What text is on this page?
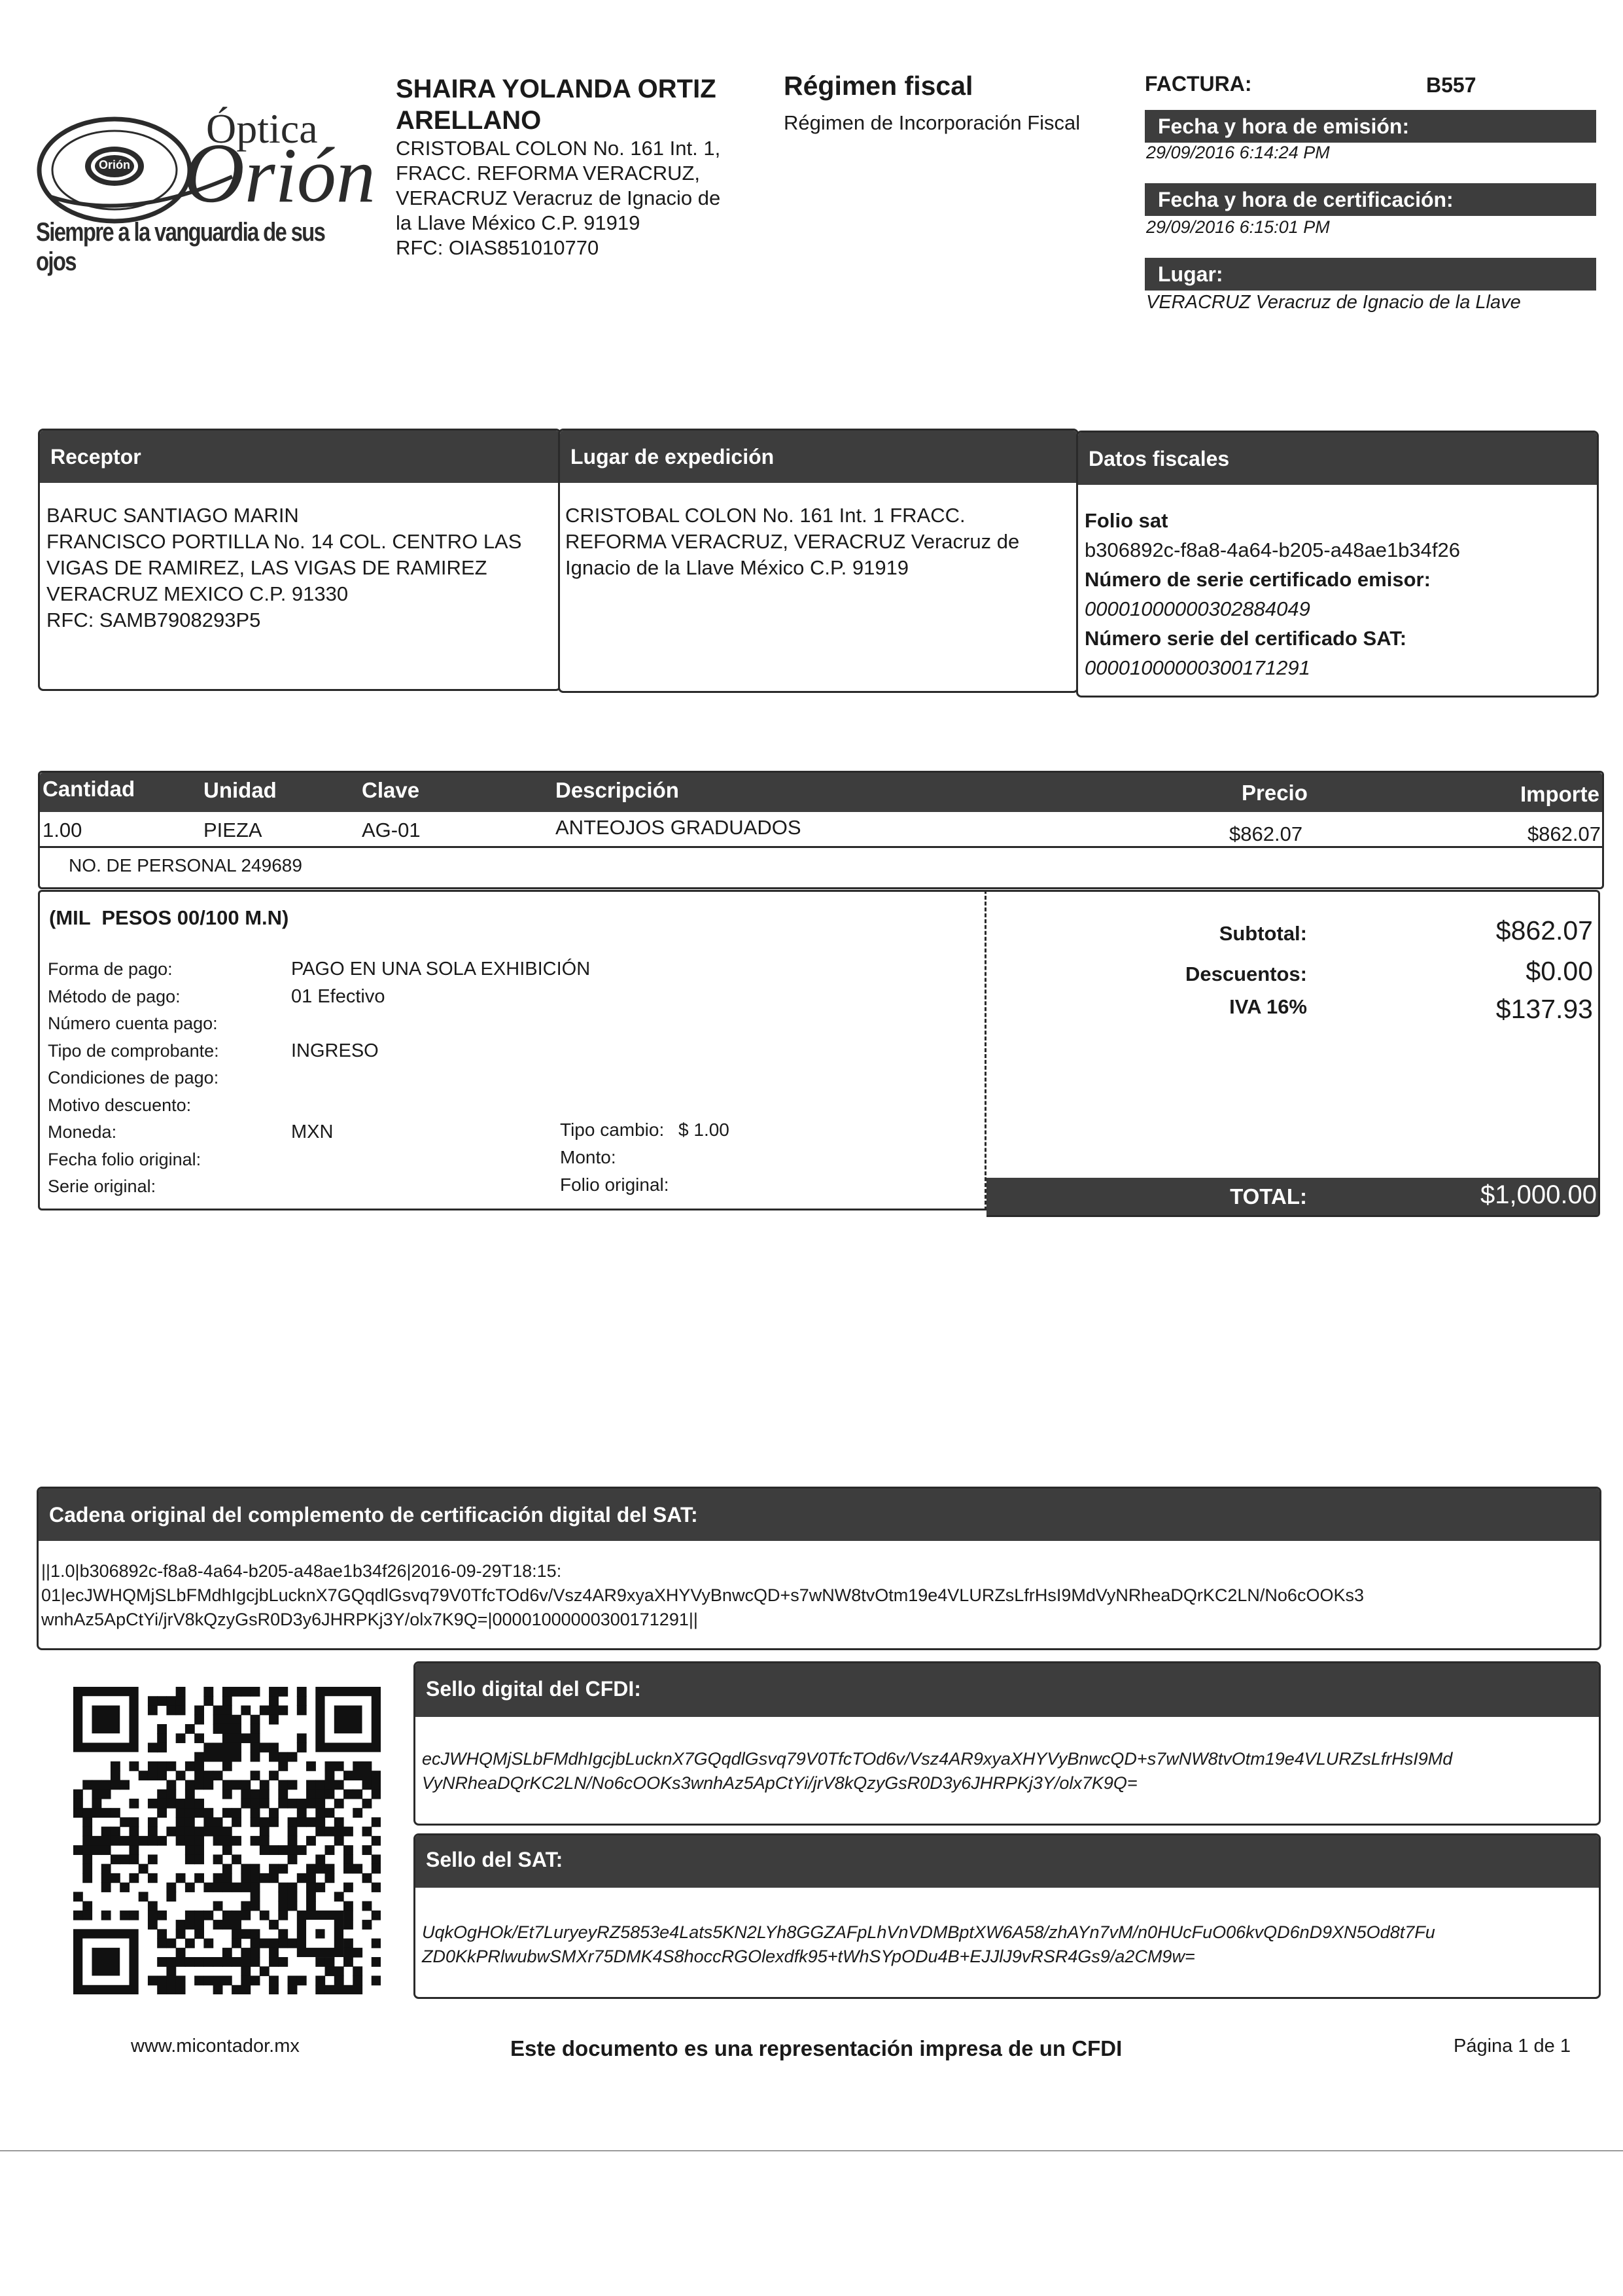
Orión
Óptica
Orión
Siempre a la vanguardia de sus ojos
SHAIRA YOLANDA ORTIZ
ARELLANO
CRISTOBAL COLON No. 161 Int. 1,
FRACC. REFORMA VERACRUZ,
VERACRUZ Veracruz de Ignacio de
la Llave México C.P. 91919
RFC: OIAS851010770
Régimen fiscal
Régimen de Incorporación Fiscal
FACTURA:	B557
Fecha y hora de emisión:
29/09/2016 6:14:24 PM
Fecha y hora de certificación:
29/09/2016 6:15:01 PM
Lugar:
VERACRUZ Veracruz de Ignacio de la Llave
Receptor
BARUC SANTIAGO MARIN
FRANCISCO PORTILLA No. 14 COL. CENTRO LAS
VIGAS DE RAMIREZ, LAS VIGAS DE RAMIREZ
VERACRUZ MEXICO C.P. 91330
RFC: SAMB7908293P5
Lugar de expedición
CRISTOBAL COLON No. 161 Int. 1 FRACC.
REFORMA VERACRUZ, VERACRUZ Veracruz de
Ignacio de la Llave México C.P. 91919
Datos fiscales
Folio sat
b306892c-f8a8-4a64-b205-a48ae1b34f26
Número de serie certificado emisor:
00001000000302884049
Número serie del certificado SAT:
00001000000300171291
Cantidad	Unidad	Clave	Descripción	Precio	Importe
1.00	PIEZA	AG-01	ANTEOJOS GRADUADOS	$862.07	$862.07
NO. DE PERSONAL 249689
(MIL  PESOS 00/100 M.N)
Forma de pago:	PAGO EN UNA SOLA EXHIBICIÓN
Método de pago:	01 Efectivo
Número cuenta pago:
Tipo de comprobante:	INGRESO
Condiciones de pago:
Motivo descuento:
Moneda:	MXN
Fecha folio original:
Serie original:
Tipo cambio: $ 1.00
Monto:
Folio original:
Subtotal:	$862.07
Descuentos:	$0.00
IVA 16%	$137.93
TOTAL:	$1,000.00
Cadena original del complemento de certificación digital del SAT:
||1.0|b306892c-f8a8-4a64-b205-a48ae1b34f26|2016-09-29T18:15:
01|ecJWHQMjSLbFMdhIgcjbLucknX7GQqdlGsvq79V0TfcTOd6v/Vsz4AR9xyaXHYVyBnwcQD+s7wNW8tvOtm19e4VLURZsLfrHsI9MdVyNRheaDQrKC2LN/No6cOOKs3
wnhAz5ApCtYi/jrV8kQzyGsR0D3y6JHRPKj3Y/olx7K9Q=|00001000000300171291||
Sello digital del CFDI:
ecJWHQMjSLbFMdhIgcjbLucknX7GQqdlGsvq79V0TfcTOd6v/Vsz4AR9xyaXHYVyBnwcQD+s7wNW8tvOtm19e4VLURZsLfrHsI9Md
VyNRheaDQrKC2LN/No6cOOKs3wnhAz5ApCtYi/jrV8kQzyGsR0D3y6JHRPKj3Y/olx7K9Q=
Sello del SAT:
UqkOgHOk/Et7LuryeyRZ5853e4Lats5KN2LYh8GGZAFpLhVnVDMBptXW6A58/zhAYn7vM/n0HUcFuO06kvQD6nD9XN5Od8t7Fu
ZD0KkPRlwubwSMXr75DMK4S8hoccRGOlexdfk95+tWhSYpODu4B+EJJlJ9vRSR4Gs9/a2CM9w=
www.micontador.mx	Este documento es una representación impresa de un CFDI	Página 1 de 1
